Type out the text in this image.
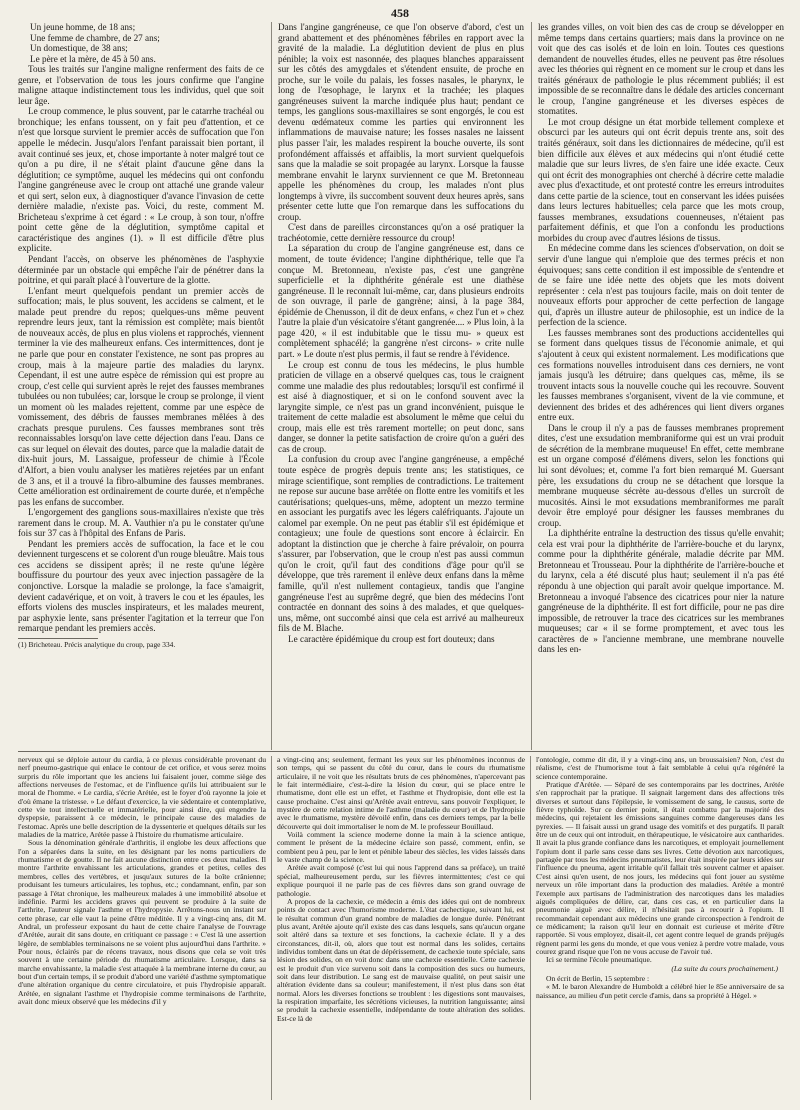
458

Un jeune homme, de 18 ans;

Une femme de chambre, de 27 ans;

Un domestique, de 38 ans;

Le père et la mère, de 45 à 50 ans.

Tous les traités sur l'angine maligne renferment des faits de ce genre, et l'observation de tous les jours confirme que l'angine maligne attaque indistinctement tous les individus, quel que soit leur âge.

Le croup commence, le plus souvent, par le catarrhe trachéal ou bronchique; les enfans toussent, on y fait peu d'attention, et ce n'est que lorsque survient le premier accès de suffocation que l'on appelle le médecin. Jusqu'alors l'enfant paraissait bien portant, il avait continué ses jeux, et, chose importante à noter malgré tout ce qu'on a pu dire, il ne s'était plaint d'aucune gêne dans la déglutition; ce symptôme, auquel les médecins qui ont confondu l'angine gangréneuse avec le croup ont attaché une grande valeur et qui sert, selon eux, à diagnostiquer d'avance l'invasion de cette dernière maladie, n'existe pas. Voici, du reste, comment M. Bricheteau s'exprime à cet égard : « Le croup, à son tour, n'offre point cette gêne de la déglutition, symptôme capital et caractéristique des angines (1). » Il est difficile d'être plus explicite.

Pendant l'accès, on observe les phénomènes de l'asphyxie déterminée par un obstacle qui empêche l'air de pénétrer dans la poitrine, et qui paraît placé à l'ouverture de la glotte.

L'enfant meurt quelquefois pendant un premier accès de suffocation; mais, le plus souvent, les accidens se calment, et le malade peut prendre du repos; quelques-uns même peuvent reprendre leurs jeux, tant la rémission est complète; mais bientôt de nouveaux accès, de plus en plus violens et rapprochés, viennent terminer la vie des malheureux enfans. Ces intermittences, dont je ne parle que pour en constater l'existence, ne sont pas propres au croup, mais à la majeure partie des maladies du larynx. Cependant, il est une autre espèce de rémission qui est propre au croup, c'est celle qui survient après le rejet des fausses membranes tubulées ou non tubulées; car, lorsque le croup se prolonge, il vient un moment où les malades rejettent, comme par une espèce de vomissement, des débris de fausses membranes mêlées à des crachats presque purulens. Ces fausses membranes sont très reconnaissables lorsqu'on lave cette déjection dans l'eau. Dans ce cas sur lequel on élevait des doutes, parce que la maladie datait de dix-huit jours, M. Lassaigue, professeur de chimie à l'École d'Alfort, a bien voulu analyser les matières rejetées par un enfant de 3 ans, et il a trouvé la fibro-albumine des fausses membranes. Cette amélioration est ordinairement de courte durée, et n'empêche pas les enfans de succomber.

L'engorgement des ganglions sous-maxillaires n'existe que très rarement dans le croup. M. A. Vauthier n'a pu le constater qu'une fois sur 37 cas à l'hôpital des Enfans de Paris.

Pendant les premiers accès de suffocation, la face et le cou deviennent turgescens et se colorent d'un rouge bleuâtre. Mais tous ces accidens se dissipent après; il ne reste qu'une légère bouffissure du pourtour des yeux avec injection passagère de la conjonctive. Lorsque la maladie se prolonge, la face s'amaigrit, devient cadavérique, et on voit, à travers le cou et les épaules, les efforts violens des muscles inspirateurs, et les malades meurent, par asphyxie lente, sans présenter l'agitation et la terreur que l'on remarque pendant les premiers accès.

(1) Bricheteau. Précis analytique du croup, page 334.

Dans l'angine gangréneuse, ce que l'on observe d'abord, c'est un grand abattement et des phénomènes fébriles en rapport avec la gravité de la maladie. La déglutition devient de plus en plus pénible; la voix est nasonnée, des plaques blanches apparaissent sur les côtés des amygdales et s'étendent ensuite, de proche en proche, sur le voile du palais, les fosses nasales, le pharynx, le long de l'œsophage, le larynx et la trachée; les plaques gangréneuses suivent la marche indiquée plus haut; pendant ce temps, les ganglions sous-maxillaires se sont engorgés, le cou est devenu œdémateux comme les parties qui environnent les inflammations de mauvaise nature; les fosses nasales ne laissent plus passer l'air, les malades respirent la bouche ouverte, ils sont profondément affaissés et affaiblis, la mort survient quelquefois sans que la maladie se soit propagée au larynx. Lorsque la fausse membrane envahit le larynx surviennent ce que M. Bretonneau appelle les phénomènes du croup, les malades n'ont plus longtemps à vivre, ils succombent souvent deux heures après, sans présenter cette lutte que l'on remarque dans les suffocations du croup.

C'est dans de pareilles circonstances qu'on a osé pratiquer la trachéotomie, cette dernière ressource du croup!

La séparation du croup de l'angine gangréneuse est, dans ce moment, de toute évidence; l'angine diphthérique, telle que l'a conçue M. Bretonneau, n'existe pas, c'est une gangrène superficielle et la diphthérite générale est une diathèse gangréneuse. Il le reconnaît lui-même, car, dans plusieurs endroits de son ouvrage, il parle de gangrène; ainsi, à la page 384, épidémie de Chenusson, il dit de deux enfans, « chez l'un et » chez l'autre la plaie d'un vésicatoire s'étant gangrenée.... » Plus loin, à la page 420, « il est indubitable que le tissu mu- » queux est complètement sphacélé; la gangrène n'est circons- » crite nulle part. » Le doute n'est plus permis, il faut se rendre à l'évidence.

Le croup est connu de tous les médecins, le plus humble praticien de village en a observé quelques cas, tous le craignent comme une maladie des plus redoutables; lorsqu'il est confirmé il est aisé à diagnostiquer, et si on le confond souvent avec la laryngite simple, ce n'est pas un grand inconvénient, puisque le traitement de cette maladie est absolument le même que celui du croup, mais elle est très rarement mortelle; on peut donc, sans danger, se donner la petite satisfaction de croire qu'on a guéri des cas de croup.

La confusion du croup avec l'angine gangréneuse, a empêché toute espèce de progrès depuis trente ans; les statistiques, ce mirage scientifique, sont remplies de contradictions. Le traitement ne repose sur aucune base arrêtée on flotte entre les vomitifs et les cautérisations; quelques-uns, même, adoptent un mezzo termine en associant les purgatifs avec les légers caléfriquants. J'ajoute un calomel par exemple. On ne peut pas établir s'il est épidémique et contagieux; une foule de questions sont encore à éclaircir. En adoptant la distinction que je cherche à faire prévaloir, on pourra s'assurer, par l'observation, que le croup n'est pas aussi commun qu'on le croit, qu'il faut des conditions d'âge pour qu'il se développe, que très rarement il enlève deux enfans dans la même famille, qu'il n'est nullement contagieux, tandis que l'angine gangréneuse l'est au suprême degré, que bien des médecins l'ont contractée en donnant des soins à des malades, et que quelques-uns, même, ont succombé ainsi que cela est arrivé au malheureux fils de M. Blache.

Le caractère épidémique du croup est fort douteux; dans

les grandes villes, on voit bien des cas de croup se développer en même temps dans certains quartiers; mais dans la province on ne voit que des cas isolés et de loin en loin. Toutes ces questions demandent de nouvelles études, elles ne peuvent pas être résolues avec les théories qui règnent en ce moment sur le croup et dans les traités généraux de pathologie le plus récemment publiés; il est impossible de se reconnaître dans le dédale des articles concernant le croup, l'angine gangréneuse et les diverses espèces de stomatites.

Le mot croup désigne un état morbide tellement complexe et obscurci par les auteurs qui ont écrit depuis trente ans, soit des traités généraux, soit dans les dictionnaires de médecine, qu'il est bien difficile aux élèves et aux médecins qui n'ont étudié cette maladie que sur leurs livres, de s'en faire une idée exacte. Ceux qui ont écrit des monographies ont cherché à décrire cette maladie avec plus d'exactitude, et ont protesté contre les erreurs introduites dans cette partie de la science, tout en conservant les idées puisées dans leurs lectures habituelles; cela parce que les mots croup, fausses membranes, exsudations couenneuses, n'étaient pas parfaitement définis, et que l'on a confondu les productions morbides du croup avec d'autres lésions de tissus.

En médecine comme dans les sciences d'observation, on doit se servir d'une langue qui n'emploie que des termes précis et non équivoques; sans cette condition il est impossible de s'entendre et de se faire une idée nette des objets que les mots doivent représenter : cela n'est pas toujours facile, mais on doit tenter de nouveaux efforts pour approcher de cette perfection de langage qui, d'après un illustre auteur de philosophie, est un indice de la perfection de la science.

Les fausses membranes sont des productions accidentelles qui se forment dans quelques tissus de l'économie animale, et qui s'ajoutent à ceux qui existent normalement. Les modifications que ces formations nouvelles introduisent dans ces derniers, ne vont jamais jusqu'à les détruire; dans quelques cas, même, ils se trouvent intacts sous la nouvelle couche qui les recouvre. Souvent les fausses membranes s'organisent, vivent de la vie commune, et deviennent des brides et des adhérences qui lient divers organes entre eux.

Dans le croup il n'y a pas de fausses membranes proprement dites, c'est une exsudation membraniforme qui est un vrai produit de sécrétion de la membrane muqueuse! En effet, cette membrane est un organe composé d'élémens divers, selon les fonctions qui lui sont dévolues; et, comme l'a fort bien remarqué M. Guersant père, les exsudations du croup ne se détachent que lorsque la membrane muqueuse sécrète au-dessous d'elles un surcroît de mucosités. Ainsi le mot exsudations membraniformes me paraît devoir être employé pour désigner les fausses membranes du croup.

La diphthérite entraîne la destruction des tissus qu'elle envahit; cela est vrai pour la diphthérite de l'arrière-bouche et du larynx, comme pour la diphthérite générale, maladie décrite par MM. Bretonneau et Trousseau. Pour la diphthérite de l'arrière-bouche et du larynx, cela a été discuté plus haut; seulement il n'a pas été répondu à une objection qui paraît avoir quelque importance. M. Bretonneau a invoqué l'absence des cicatrices pour nier la nature gangréneuse de la diphthérite. Il est fort difficile, pour ne pas dire impossible, de retrouver la trace des cicatrices sur les membranes muqueuses; car « il se forme promptement, et avec tous les caractères de » l'ancienne membrane, une membrane nouvelle dans les en-

nerveux qui se déploie autour du cardia, à ce plexus considérable provenant du nerf pneumo-gastrique qui enlace le contour de cet orifice, et vous serez moins surpris du rôle important que les anciens lui faisaient jouer, comme siège des affections nerveuses de l'estomac, et de l'influence qu'ils lui attribuaient sur le moral de l'homme. « Le cardia, s'écrie Arétée, est le foyer d'où rayonne la joie et d'où émane la tristesse. » Le défaut d'exercice, la vie sédentaire et contemplative, cette vie tout intellectuelle et immatérielle, pour ainsi dire, qui engendre la dyspepsie, paraissent à ce médecin, le principale cause des maladies de l'estomac. Après une belle description de la dyssenterie et quelques détails sur les maladies de la matrice, Arétée passe à l'histoire du rhumatisme articulaire.

Sous la dénomination générale d'arthritis, il englobe les deux affections que l'on a séparées dans la suite, en les désignant par les noms particuliers de rhumatisme et de goutte. Il ne fait aucune distinction entre ces deux maladies. Il montre l'arthrite envahissant les articulations, grandes et petites, celles des membres, celles des vertèbres, et jusqu'aux sutures de la boîte crânienne; produisant les tumeurs articulaires, les tophus, etc.; condamnant, enfin, par son passage à l'état chronique, les malheureux malades à une immobilité absolue et indéfinie. Parmi les accidens graves qui peuvent se produire à la suite de l'arthrite, l'auteur signale l'asthme et l'hydropysie. Arrêtons-nous un instant sur cette phrase, car elle vaut la peine d'être méditée. Il y a vingt-cinq ans, dit M. Andral, un professeur exposant du haut de cette chaire l'analyse de l'ouvrage d'Arétée, aurait dit sans doute, en critiquant ce passage : « C'est là une assertion légère, de semblables terminaisons ne se voient plus aujourd'hui dans l'arthrite. » Pour nous, éclairés par de récens travaux, nous disons que cela se voit très souvent à une certaine période du rhumatisme articulaire. Lorsque, dans sa marche envahissante, la maladie s'est attaquée à la membrane interne du cœur, au bout d'un certain temps, il se produit d'abord une variété d'asthme symptomatique d'une altération organique du centre circulatoire, et puis l'hydropisie apparaît. Arétée, en signalant l'asthme et l'hydropisie comme terminaisons de l'arthrite, avait donc mieux observé que les médecins d'il y

a vingt-cinq ans; seulement, fermant les yeux sur les phénomènes inconnus de son temps, qui se passent du côté du cœur, dans le cours du rhumatisme articulaire, il ne voit que les résultats bruts de ces phénomènes, n'apercevant pas le fait intermédiaire, c'est-à-dire la lésion du cœur, qui se place entre le rhumatisme, dont elle est un effet, et l'asthme et l'hydropisie, dont elle est la cause prochaine. C'est ainsi qu'Arétée avait entrevu, sans pouvoir l'expliquer, le mystère de cette relation intime de l'asthme (maladie du cœur) et de l'hydropisie avec le rhumatisme, mystère dévoilé enfin, dans ces derniers temps, par la belle découverte qui doit immortaliser le nom de M. le professeur Bouillaud.

Voilà comment la science moderne donne la main à la science antique, comment le présent de la médecine éclaire son passé, comment, enfin, se combient peu à peu, par le lent et pénible labeur des siècles, les vides laissés dans le vaste champ de la science.

Arétée avait composé (c'est lui qui nous l'apprend dans sa préface), un traité spécial, malheureusement perdu, sur les fièvres intermittentes; c'est ce qui explique pourquoi il ne parle pas de ces fièvres dans son grand ouvrage de pathologie.

A propos de la cachexie, ce médecin a émis des idées qui ont de nombreux points de contact avec l'humorisme moderne. L'état cachectique, suivant lui, est le résultat commun d'un grand nombre de maladies de longue durée. Pénétrant plus avant, Arétée ajoute qu'il existe des cas dans lesquels, sans qu'aucun organe soit altéré dans sa texture et ses fonctions, la cachexie éclate. Il y a des circonstances, dit-il, où, alors que tout est normal dans les solides, certains individus tombent dans un état de dépérissement, de cachexie toute spéciale, sans lésion des solides, on en voit donc dans une cachexie essentielle. Cette cachexie est le produit d'un vice survenu soit dans la composition des sucs ou humeurs, soit dans leur distribution. Le sang est de mauvaise qualité, on peut saisir une altération évidente dans sa couleur; manifestement, il n'est plus dans son état normal. Alors les diverses fonctions se troublent : les digestions sont mauvaises, la respiration imparfaite, les sécrétions vicieuses, la nutrition languissante; ainsi se produit la cachexie essentielle, indépendante de toute altération des solides. Est-ce là de

l'ontologie, comme dit dit, il y a vingt-cinq ans, un broussaisien? Non, c'est du réalisme, c'est de l'humorisme tout à fait semblable à celui qu'a régénéré la science contemporaine.

Pratique d'Arétée. — Séparé de ses contemporains par les doctrines, Arétée s'en rapprochait par la pratique. Il saignait largement dans des affections très diverses et surtout dans l'épilepsie, le vomissement de sang, le causus, sorte de fièvre typhoïde. Sur ce dernier point, il était combattu par la majorité des médecins, qui rejetaient les émissions sanguines comme dangereuses dans les pyrexies. — Il faisait aussi un grand usage des vomitifs et des purgatifs. Il paraît être un de ceux qui ont introduit, en thérapeutique, le vésicatoire aux cantharides. Il avait la plus grande confiance dans les narcotiques, et employait journellement l'opium dont il parle sans cesse dans ses livres. Cette dévotion aux narcotiques, partagée par tous les médecins pneumatistes, leur était inspirée par leurs idées sur l'influence du pneuma, agent irritable qu'il fallait très souvent calmer et apaiser. C'est ainsi qu'en usent, de nos jours, les médecins qui font jouer au système nerveux un rôle important dans la production des maladies. Arétée a montré l'exemple aux partisans de l'administration des narcotiques dans les maladies aiguës compliquées de délire, car, dans ces cas, et en particulier dans la pneumonie aiguë avec délire, il n'hésitait pas à recourir à l'opium. Il recommandait cependant aux médecins une grande circonspection à l'endroit de ce médicament; la raison qu'il leur en donnait est curieuse et mérite d'être rapportée. Si vous employez, disait-il, cet agent contre lequel de grands préjugés règnent parmi les gens du monde, et que vous veniez à perdre votre malade, vous courez grand risque que l'on ne vous accuse de l'avoir tué.

Ici se termine l'école pneumatique.

(La suite du cours prochainement.)

On écrit de Berlin, 15 septembre :

« M. le baron Alexandre de Humboldt a célébré hier le 85e anniversaire de sa naissance, au milieu d'un petit cercle d'amis, dans sa propriété à Hégel. »
